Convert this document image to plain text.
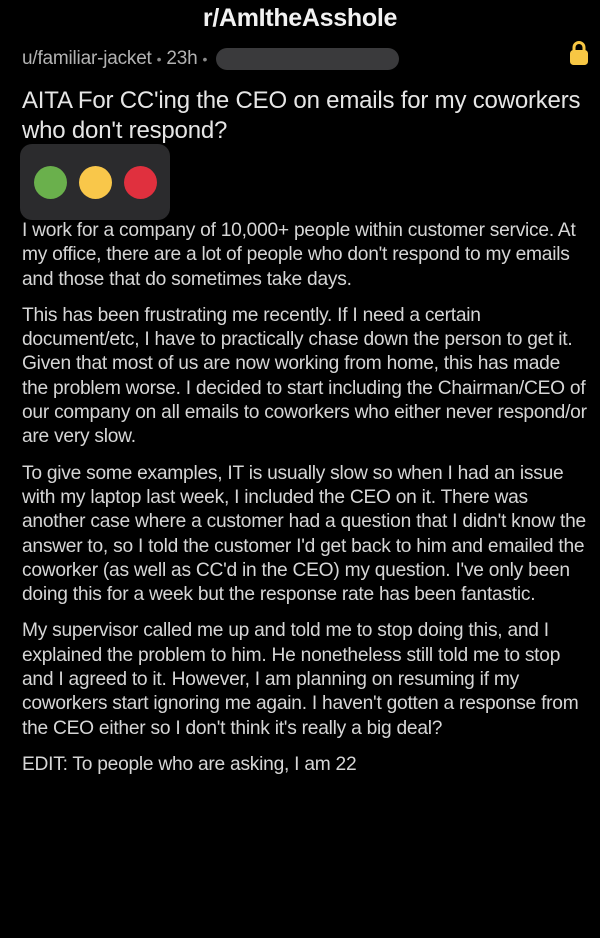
r/AmItheAsshole
u/familiar-jacket • 23h •
AITA For CC'ing the CEO on emails for my coworkers who don't respond?

I work for a company of 10,000+ people within customer service. At my office, there are a lot of people who don't respond to my emails and those that do sometimes take days.

This has been frustrating me recently. If I need a certain document/etc, I have to practically chase down the person to get it. Given that most of us are now working from home, this has made the problem worse. I decided to start including the Chairman/CEO of our company on all emails to coworkers who either never respond/or are very slow.

To give some examples, IT is usually slow so when I had an issue with my laptop last week, I included the CEO on it. There was another case where a customer had a question that I didn't know the answer to, so I told the customer I'd get back to him and emailed the coworker (as well as CC'd in the CEO) my question. I've only been doing this for a week but the response rate has been fantastic.

My supervisor called me up and told me to stop doing this, and I explained the problem to him. He nonetheless still told me to stop and I agreed to it. However, I am planning on resuming if my coworkers start ignoring me again. I haven't gotten a response from the CEO either so I don't think it's really a big deal?

EDIT: To people who are asking, I am 22
